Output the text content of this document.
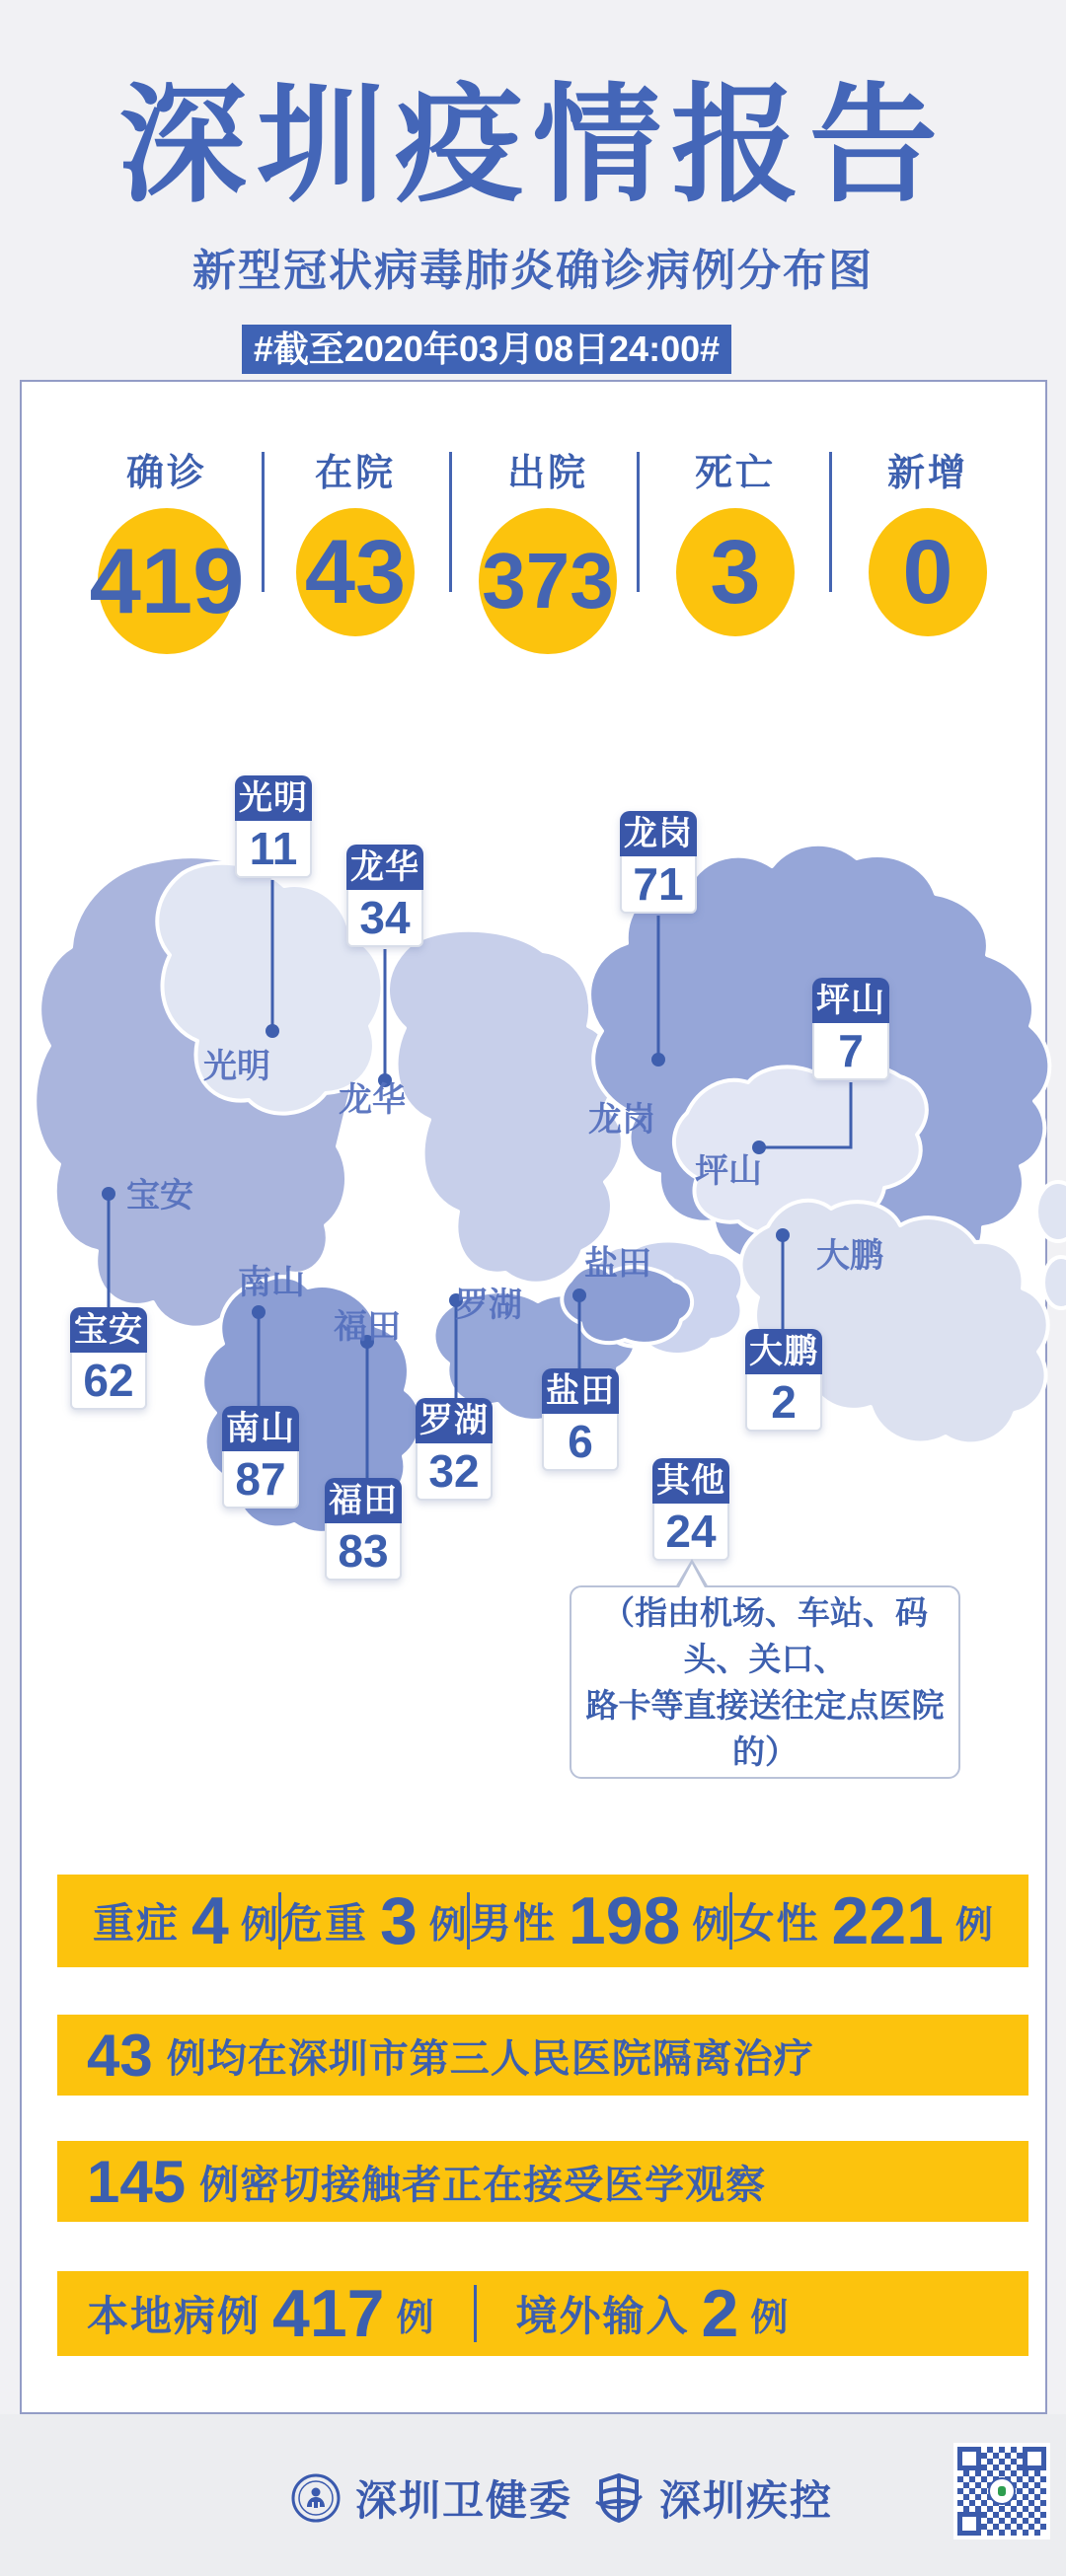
深圳疫情报告
新型冠状病毒肺炎确诊病例分布图
#截至2020年03月08日24:00#
确诊
419
在院
43
出院
373
死亡
3
新增
0
光明
龙华
龙岗
坪山
宝安
南山
福田
罗湖
盐田	大鹏
光明
11	龙华
34
龙岗
71
坪山
7
宝安
62
南山
87	福田
83
罗湖
32
盐田
6
大鹏
2
其他
24
（指由机场、车站、码头、关口、
路卡等直接送往定点医院的）
重症 4 例 危重 3 例 男性 198 例 女性 221 例
43 例均在深圳市第三人民医院隔离治疗
145 例密切接触者正在接受医学观察
本地病例 417 例 境外输入 2 例
深圳卫健委 深圳疾控
